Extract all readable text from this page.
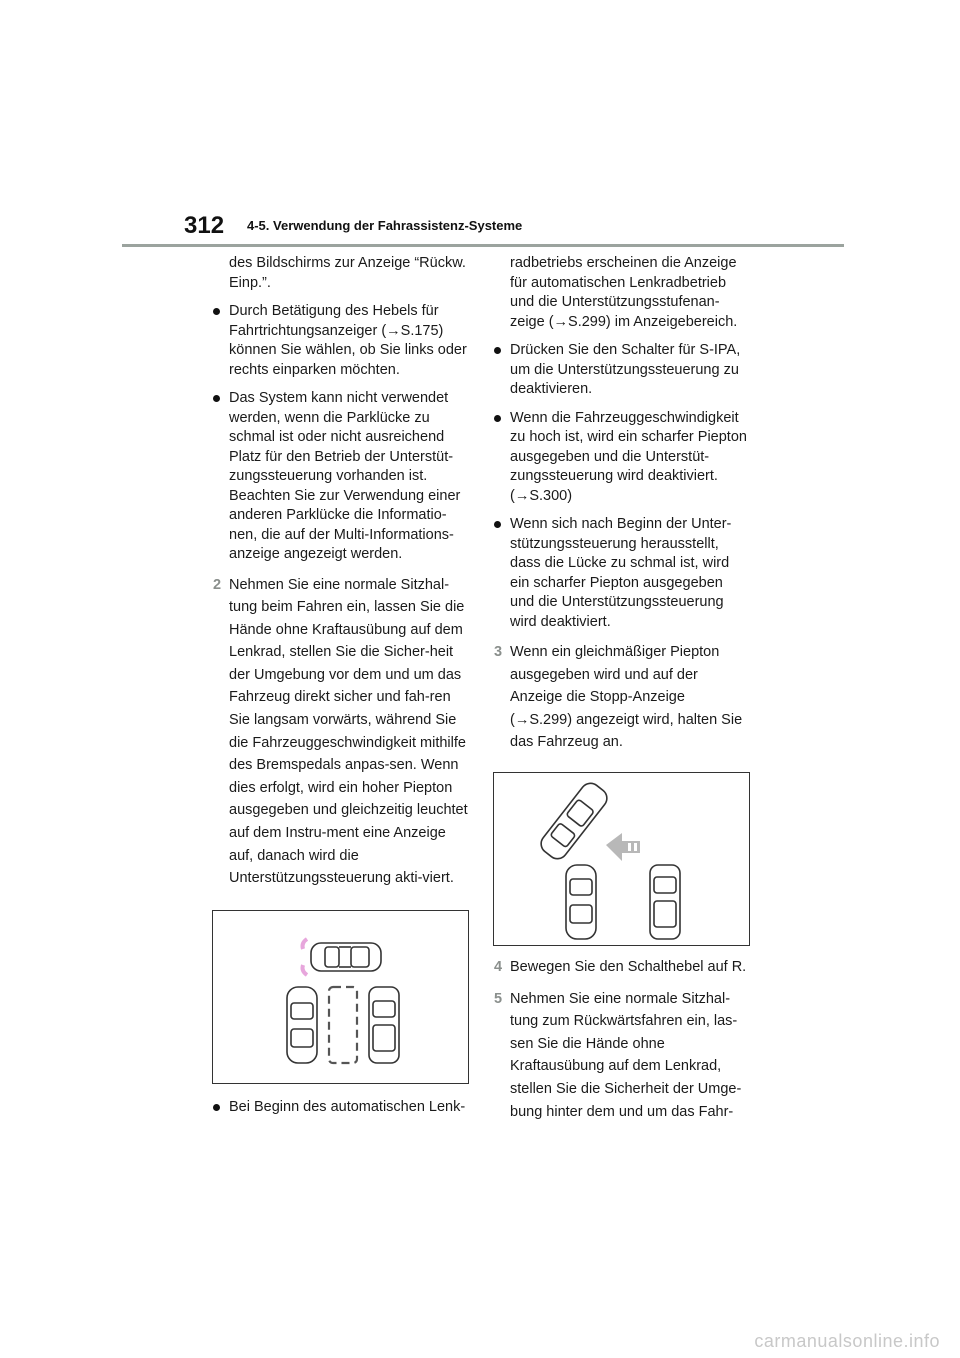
312 4-5. Verwendung der Fahrassistenz-Systeme

des Bildschirms zur Anzeige “Rückw. Einp.”.

Durch Betätigung des Hebels für Fahrtrichtungsanzeiger (→S.175) können Sie wählen, ob Sie links oder rechts einparken möchten.
Das System kann nicht verwendet werden, wenn die Parklücke zu schmal ist oder nicht ausreichend Platz für den Betrieb der Unterstüt-zungssteuerung vorhanden ist. Beachten Sie zur Verwendung einer anderen Parklücke die Informatio-nen, die auf der Multi-Informations-anzeige angezeigt werden.
2 Nehmen Sie eine normale Sitzhal-tung beim Fahren ein, lassen Sie die Hände ohne Kraftausübung auf dem Lenkrad, stellen Sie die Sicher-heit der Umgebung vor dem und um das Fahrzeug direkt sicher und fah-ren Sie langsam vorwärts, während Sie die Fahrzeuggeschwindigkeit mithilfe des Bremspedals anpas-sen. Wenn dies erfolgt, wird ein hoher Piepton ausgegeben und gleichzeitig leuchtet auf dem Instru-ment eine Anzeige auf, danach wird die Unterstützungssteuerung akti-viert.
Bei Beginn des automatischen Lenk-

radbetriebs erscheinen die Anzeige für automatischen Lenkradbetrieb und die Unterstützungsstufenan-zeige (→S.299) im Anzeigebereich.

Drücken Sie den Schalter für S-IPA, um die Unterstützungssteuerung zu deaktivieren.
Wenn die Fahrzeuggeschwindigkeit zu hoch ist, wird ein scharfer Piepton ausgegeben und die Unterstüt-zungssteuerung wird deaktiviert. (→S.300)
Wenn sich nach Beginn der Unter-stützungssteuerung herausstellt, dass die Lücke zu schmal ist, wird ein scharfer Piepton ausgegeben und die Unterstützungssteuerung wird deaktiviert.
3 Wenn ein gleichmäßiger Piepton ausgegeben wird und auf der Anzeige die Stopp-Anzeige (→S.299) angezeigt wird, halten Sie das Fahrzeug an.
4 Bewegen Sie den Schalthebel auf R.
5 Nehmen Sie eine normale Sitzhal-tung zum Rückwärtsfahren ein, las-sen Sie die Hände ohne Kraftausübung auf dem Lenkrad, stellen Sie die Sicherheit der Umge-bung hinter dem und um das Fahr-
carmanualsonline.info
